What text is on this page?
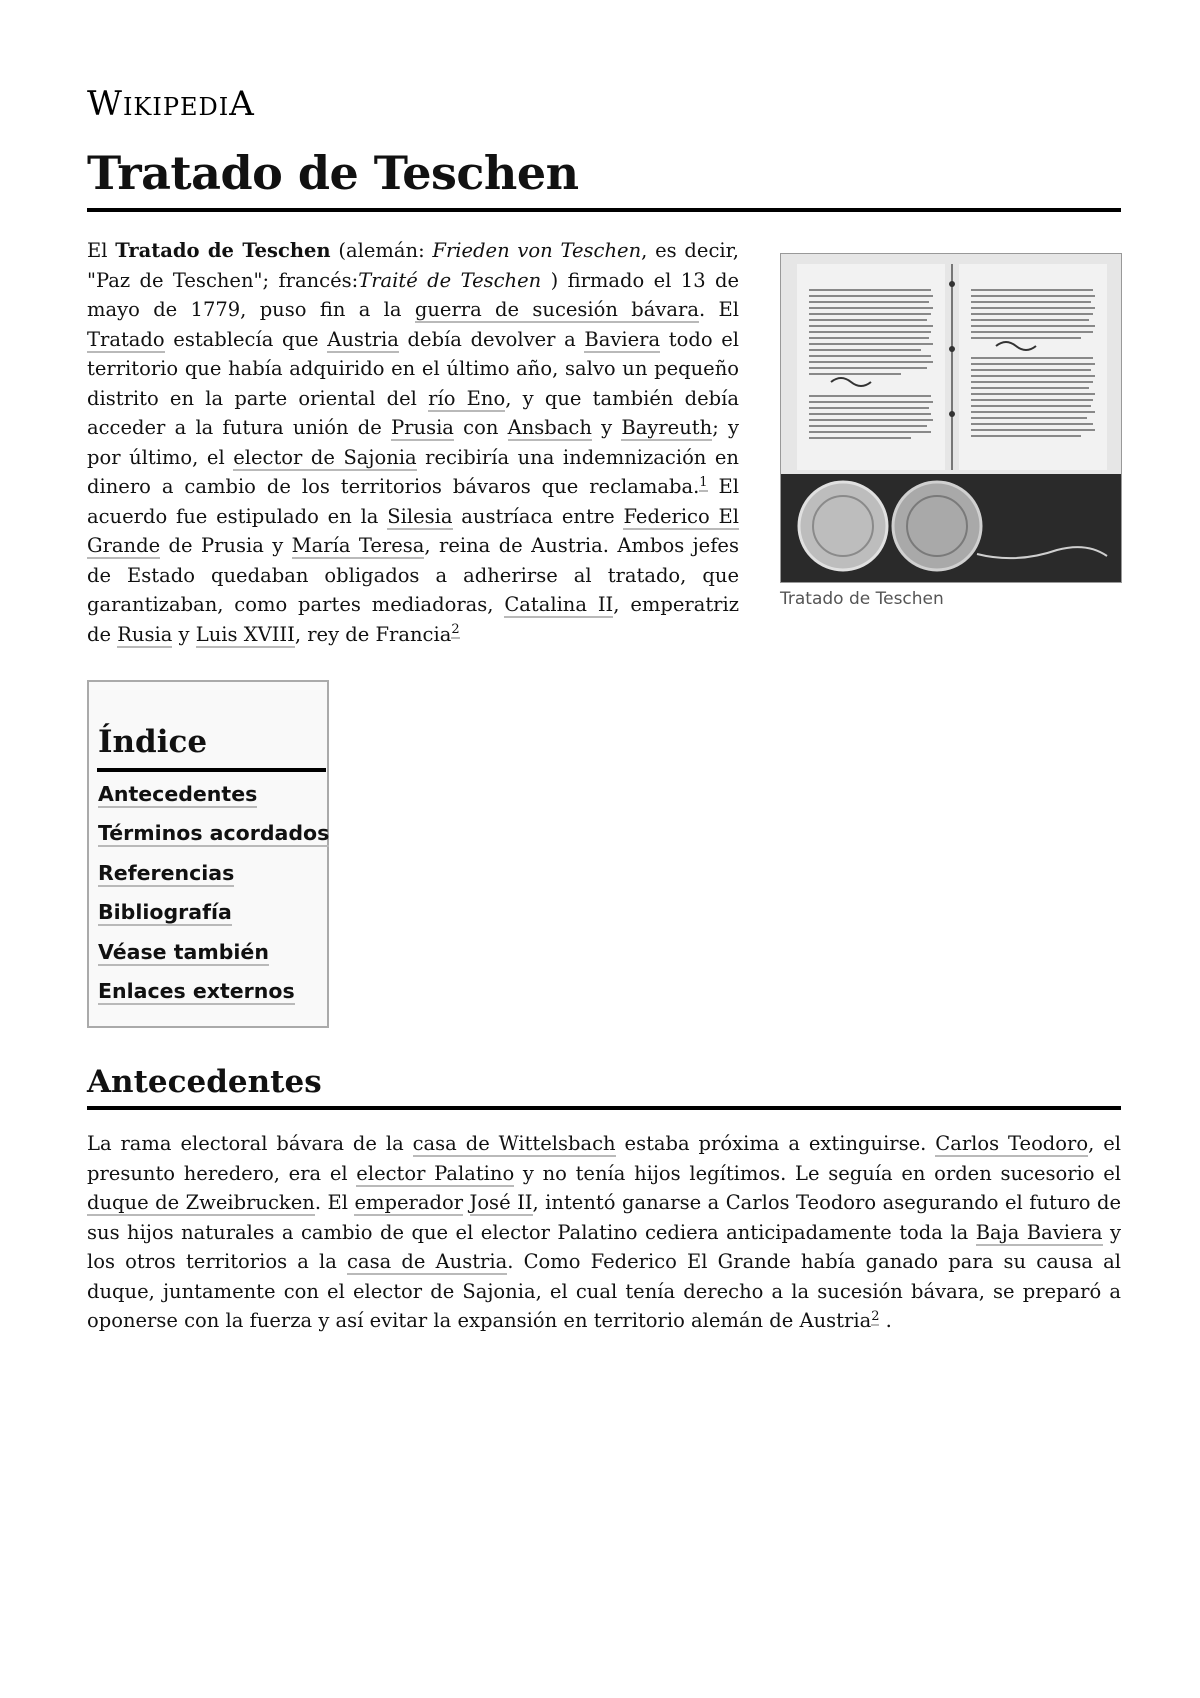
WIKIPEDIA
Tratado de Teschen

El Tratado de Teschen (alemán: Frieden von Teschen, es decir, "Paz de Teschen"; francés:Traité de Teschen ) firmado el 13 de mayo de 1779, puso fin a la guerra de sucesión bávara. El Tratado establecía que Austria debía devolver a Baviera todo el territorio que había adquirido en el último año, salvo un pequeño distrito en la parte oriental del río Eno, y que también debía acceder a la futura unión de Prusia con Ansbach y Bayreuth; y por último, el elector de Sajonia recibiría una indemnización en dinero a cambio de los territorios bávaros que reclamaba.$^1$ El acuerdo fue estipulado en la Silesia austríaca entre Federico El Grande de Prusia y María Teresa, reina de Austria. Ambos jefes de Estado quedaban obligados a adherirse al tratado, que garantizaban, como partes mediadoras, Catalina II, emperatriz de Rusia y Luis XVIII, rey de Francia$^2$

Tratado de Teschen
Índice
Antecedentes
Términos acordados
Referencias
Bibliografía
Véase también
Enlaces externos
Antecedentes

La rama electoral bávara de la casa de Wittelsbach estaba próxima a extinguirse. Carlos Teodoro, el presunto heredero, era el elector Palatino y no tenía hijos legítimos. Le seguía en orden sucesorio el duque de Zweibrucken. El emperador José II, intentó ganarse a Carlos Teodoro asegurando el futuro de sus hijos naturales a cambio de que el elector Palatino cediera anticipadamente toda la Baja Baviera y los otros territorios a la casa de Austria. Como Federico El Grande había ganado para su causa al duque, juntamente con el elector de Sajonia, el cual tenía derecho a la sucesión bávara, se preparó a oponerse con la fuerza y así evitar la expansión en territorio alemán de Austria$^2$ .
